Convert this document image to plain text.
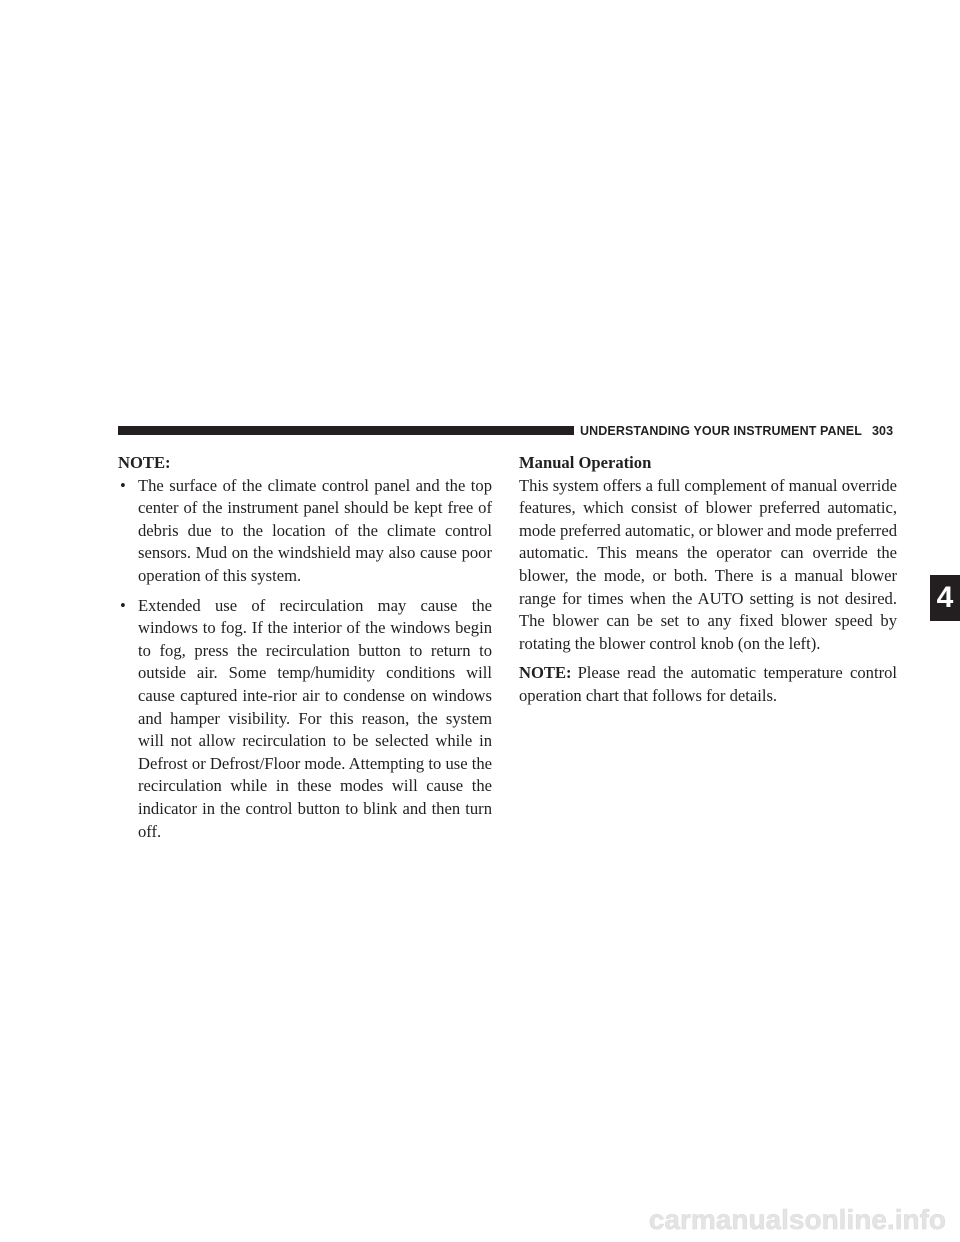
UNDERSTANDING YOUR INSTRUMENT PANEL 303
4

NOTE:

• The surface of the climate control panel and the top center of the instrument panel should be kept free of debris due to the location of the climate control sensors. Mud on the windshield may also cause poor operation of this system.
• Extended use of recirculation may cause the windows to fog. If the interior of the windows begin to fog, press the recirculation button to return to outside air. Some temp/humidity conditions will cause captured inte-rior air to condense on windows and hamper visibility. For this reason, the system will not allow recirculation to be selected while in Defrost or Defrost/Floor mode. Attempting to use the recirculation while in these modes will cause the indicator in the control button to blink and then turn off.

Manual Operation

This system offers a full complement of manual override features, which consist of blower preferred automatic, mode preferred automatic, or blower and mode preferred automatic. This means the operator can override the blower, the mode, or both. There is a manual blower range for times when the AUTO setting is not desired. The blower can be set to any fixed blower speed by rotating the blower control knob (on the left).

NOTE: Please read the automatic temperature control operation chart that follows for details.

carmanualsonline.info
